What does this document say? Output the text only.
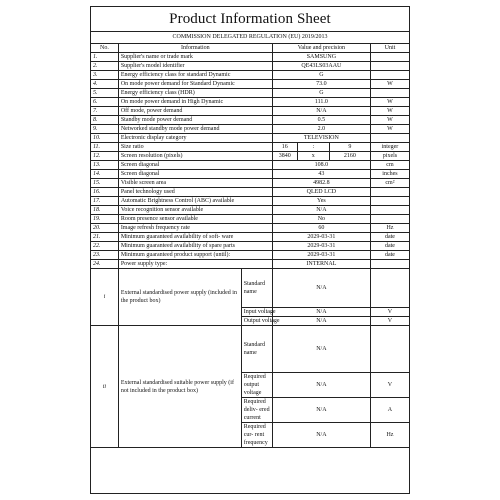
Product Information Sheet
COMMISSION DELEGATED REGULATION (EU) 2019/2013
No.	Information		Value and precision			Unit
1.	Supplier's name or trade mark		SAMSUNG			
2.	Supplier's model identifier		QE43LS03AAU			
3.	Energy efficiency class for standard Dynamic		G			
4.	On mode power demand for Standard Dynamic		73.0			W
5.	Energy efficiency class (HDR)		G			
6.	On mode power demand in High Dynamic		111.0			W
7.	Off mode, power demand		N/A			W
8.	Standby mode power demand		0.5			W
9.	Networked standby mode power demand		2.0			W
10.	Electronic display category		TELEVISION			
11.	Size ratio		16	:	9	integer
12.	Screen resolution (pixels)		3840	x	2160	pixels
13.	Screen diagonal		108.0			cm
14.	Screen diagonal		43			inches
15.	Visible screen area		4982.8			cm²
16.	Panel technology used		QLED LCD			
17.	Automatic Brightness Control (ABC) available		Yes			
18.	Voice recognition sensor available		N/A			
19.	Room presence sensor available		No			
20.	Image refresh frequency rate		60			Hz
21.	Minimum guaranteed availability of soft- ware		2029-03-31			date
22.	Minimum guaranteed availability of spare parts		2029-03-31			date
23.	Minimum guaranteed product support (until):		2029-03-31			date
24.	Power supply type:		INTERNAL			
i	External standardised power supply (included in the product box)	Standard name	N/A			
		Input voltage	N/A			V
		Output voltage	N/A			V
ii	External standardised suitable power supply (if not included in the product box)	Standard name	N/A			
		Required output voltage	N/A			V
		Required deliv- ered current	N/A			A
		Required cur- rent frequency	N/A			Hz
